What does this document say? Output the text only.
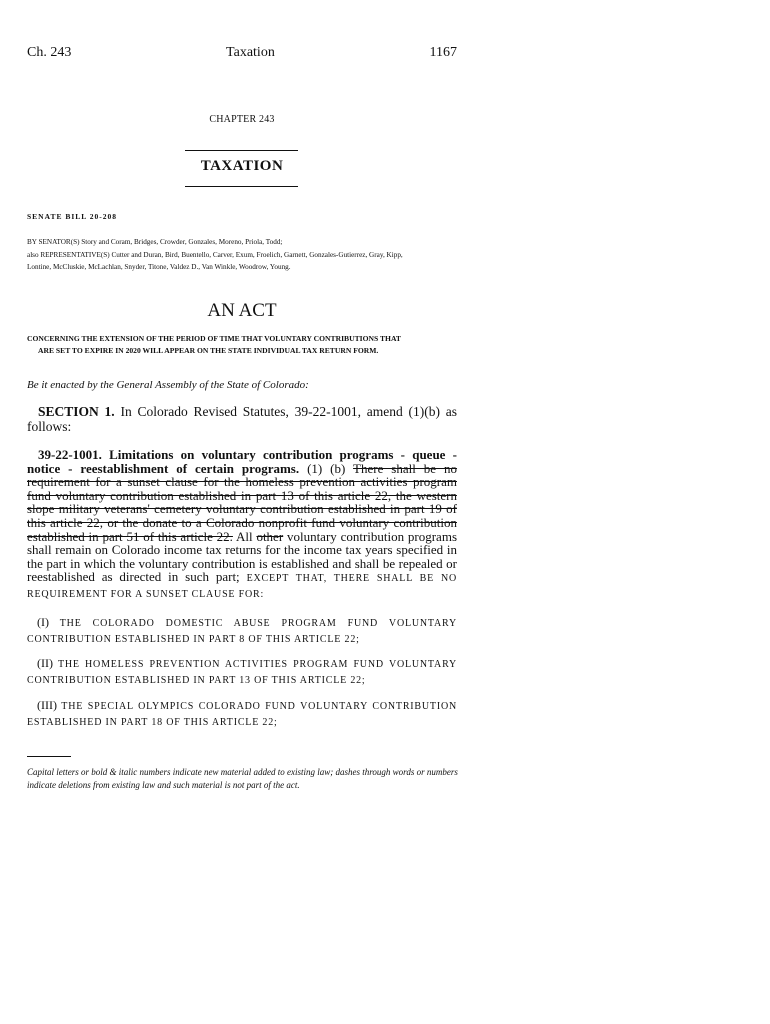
Ch. 243	Taxation	1167
CHAPTER 243
TAXATION
SENATE BILL 20-208
BY SENATOR(S) Story and Coram, Bridges, Crowder, Gonzales, Moreno, Priola, Todd;
also REPRESENTATIVE(S) Cutter and Duran, Bird, Buentello, Carver, Exum, Froelich, Garnett, Gonzales-Gutierrez, Gray, Kipp,
Lontine, McCluskie, McLachlan, Snyder, Titone, Valdez D., Van Winkle, Woodrow, Young.
AN ACT
CONCERNING THE EXTENSION OF THE PERIOD OF TIME THAT VOLUNTARY CONTRIBUTIONS THAT
ARE SET TO EXPIRE IN 2020 WILL APPEAR ON THE STATE INDIVIDUAL TAX RETURN FORM.
Be it enacted by the General Assembly of the State of Colorado:
SECTION 1. In Colorado Revised Statutes, 39-22-1001, amend (1)(b) as follows:
39-22-1001. Limitations on voluntary contribution programs - queue - notice - reestablishment of certain programs. (1) (b) There shall be no requirement for a sunset clause for the homeless prevention activities program fund voluntary contribution established in part 13 of this article 22, the western slope military veterans' cemetery voluntary contribution established in part 19 of this article 22, or the donate to a Colorado nonprofit fund voluntary contribution established in part 51 of this article 22. All other voluntary contribution programs shall remain on Colorado income tax returns for the income tax years specified in the part in which the voluntary contribution is established and shall be repealed or reestablished as directed in such part; EXCEPT THAT, THERE SHALL BE NO REQUIREMENT FOR A SUNSET CLAUSE FOR:
(I) THE COLORADO DOMESTIC ABUSE PROGRAM FUND VOLUNTARY CONTRIBUTION ESTABLISHED IN PART 8 OF THIS ARTICLE 22;
(II) THE HOMELESS PREVENTION ACTIVITIES PROGRAM FUND VOLUNTARY CONTRIBUTION ESTABLISHED IN PART 13 OF THIS ARTICLE 22;
(III) THE SPECIAL OLYMPICS COLORADO FUND VOLUNTARY CONTRIBUTION ESTABLISHED IN PART 18 OF THIS ARTICLE 22;
Capital letters or bold & italic numbers indicate new material added to existing law; dashes through words or numbers indicate deletions from existing law and such material is not part of the act.
